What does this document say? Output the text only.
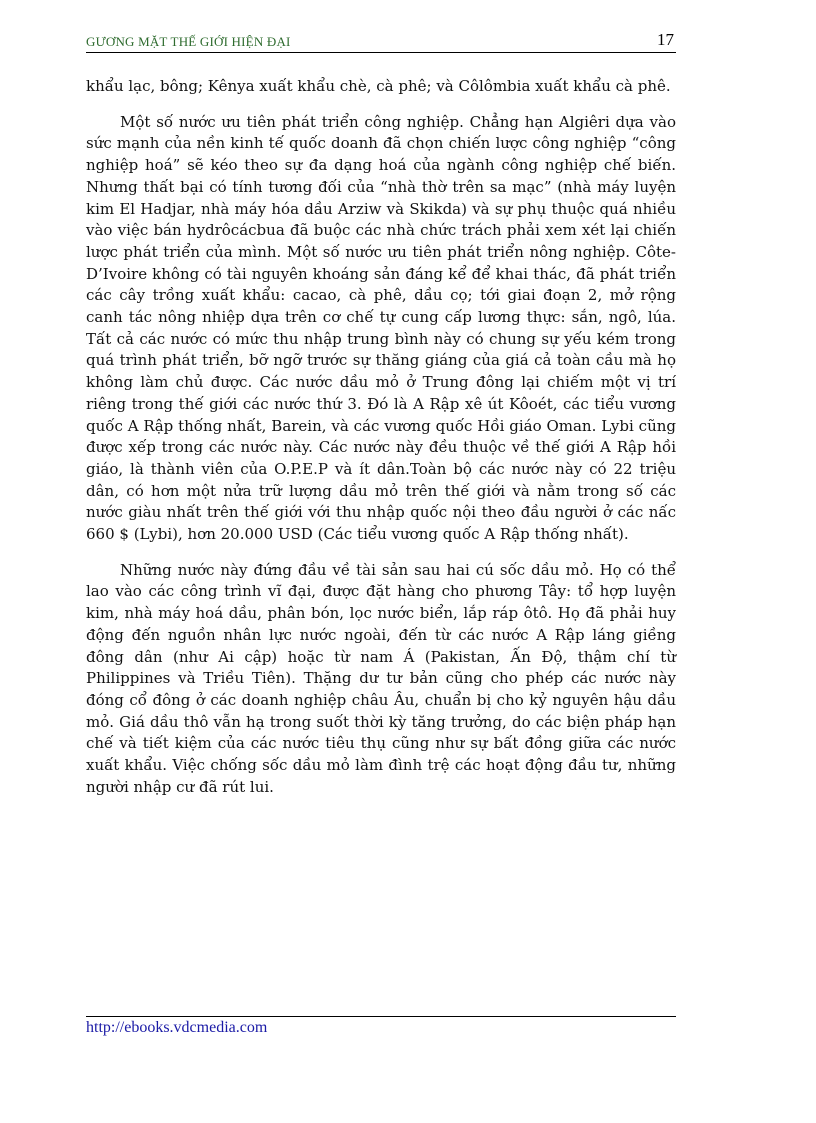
GƯƠNG MẶT THẾ GIỚI HIỆN ĐẠI	17

khẩu lạc, bông; Kênya xuất khẩu chè, cà phê; và Côlômbia xuất khẩu cà phê.

Một số nước ưu tiên phát triển công nghiệp. Chẳng hạn Algiêri dựa vào sức mạnh của nền kinh tế quốc doanh đã chọn chiến lược công nghiệp “công nghiệp hoá” sẽ kéo theo sự đa dạng hoá của ngành công nghiệp chế biến. Nhưng thất bại có tính tương đối của “nhà thờ trên sa mạc” (nhà máy luyện kim El Hadjar, nhà máy hóa dầu Arziw và Skikda) và sự phụ thuộc quá nhiều vào việc bán hydrôcácbua đã buộc các nhà chức trách phải xem xét lại chiến lược phát triển của mình. Một số nước ưu tiên phát triển nông nghiệp. Côte-D’Ivoire không có tài nguyên khoáng sản đáng kể để khai thác, đã phát triển các cây trồng xuất khẩu: cacao, cà phê, dầu cọ; tới giai đoạn 2, mở rộng canh tác nông nhiệp dựa trên cơ chế tự cung cấp lương thực: sắn, ngô, lúa. Tất cả các nước có mức thu nhập trung bình này có chung sự yếu kém trong quá trình phát triển, bỡ ngỡ trước sự thăng giáng của giá cả toàn cầu mà họ không làm chủ được. Các nước dầu mỏ ở Trung đông lại chiếm một vị trí riêng trong thế giới các nước thứ 3. Đó là A Rập xê út Kôoét, các tiểu vương quốc A Rập thống nhất, Barein, và các vương quốc Hồi giáo Oman. Lybi cũng được xếp trong các nước này. Các nước này đều thuộc về thế giới A Rập hồi giáo, là thành viên của O.P.E.P và ít dân.Toàn bộ các nước này có 22 triệu dân, có hơn một nửa trữ lượng dầu mỏ trên thế giới và nằm trong số các nước giàu nhất trên thế giới với thu nhập quốc nội theo đầu người ở các nấc 660 $ (Lybi), hơn 20.000 USD (Các tiểu vương quốc A Rập thống nhất).

Những nước này đứng đầu về tài sản sau hai cú sốc dầu mỏ. Họ có thể lao vào các công trình vĩ đại, được đặt hàng cho phương Tây: tổ hợp luyện kim, nhà máy hoá dầu, phân bón, lọc nước biển, lắp ráp ôtô. Họ đã phải huy động đến nguồn nhân lực nước ngoài, đến từ các nước A Rập láng giềng đông dân (như Ai cập) hoặc từ nam Á (Pakistan, Ấn Độ, thậm chí từ Philippines và Triều Tiên). Thặng dư tư bản cũng cho phép các nước này đóng cổ đông ở các doanh nghiệp châu Âu, chuẩn bị cho kỷ nguyên hậu dầu mỏ. Giá dầu thô vẫn hạ trong suốt thời kỳ tăng trưởng, do các biện pháp hạn chế và tiết kiệm của các nước tiêu thụ cũng như sự bất đồng giữa các nước xuất khẩu. Việc chống sốc dầu mỏ làm đình trệ các hoạt động đầu tư, những người nhập cư đã rút lui.

http://ebooks.vdcmedia.com
